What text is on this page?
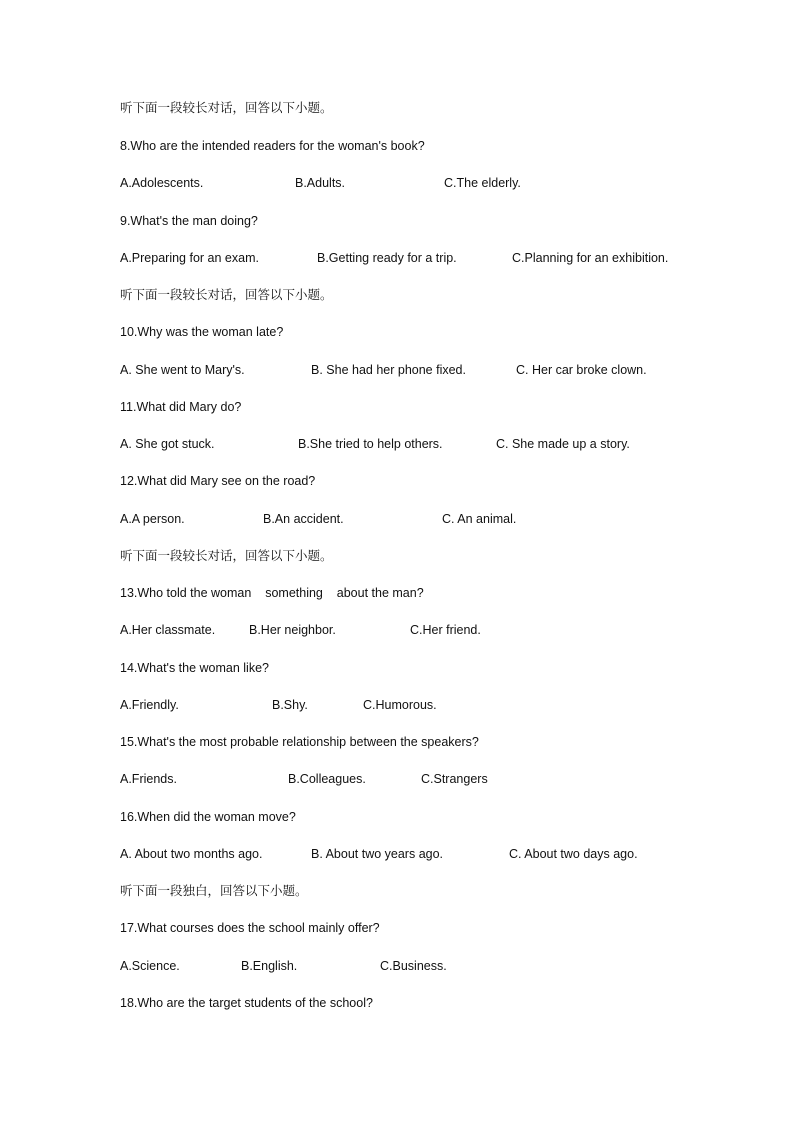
听下面一段较长对话，回答以下小题。
8.Who are the intended readers for the woman's book?
A.Adolescents.	B.Adults.	C.The elderly.
9.What's the man doing?
A.Preparing for an exam.	B.Getting ready for a trip.	C.Planning for an exhibition.
听下面一段较长对话，回答以下小题。
10.Why was the woman late?
A. She went to Mary's.	B. She had her phone fixed.	C. Her car broke clown.
11.What did Mary do?
A. She got stuck.	B.She tried to help others.	C. She made up a story.
12.What did Mary see on the road?
A.A person.	B.An accident.	C. An animal.
听下面一段较长对话，回答以下小题。
13.Who told the woman    something    about the man?
A.Her classmate.	B.Her neighbor.	C.Her friend.
14.What's the woman like?
A.Friendly.	B.Shy.	C.Humorous.
15.What's the most probable relationship between the speakers?
A.Friends.	B.Colleagues.	C.Strangers
16.When did the woman move?
A. About two months ago.	B. About two years ago.	C. About two days ago.
听下面一段独白，回答以下小题。
17.What courses does the school mainly offer?
A.Science.	B.English.	C.Business.
18.Who are the target students of the school?
